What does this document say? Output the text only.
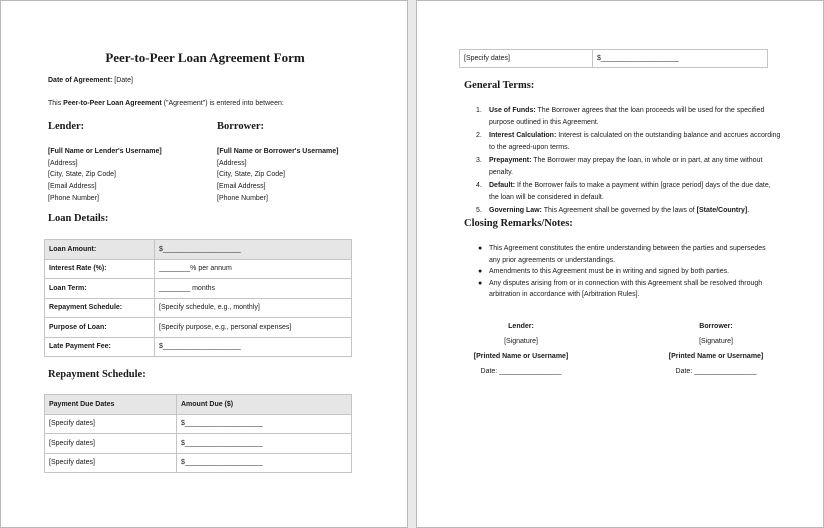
Peer-to-Peer Loan Agreement Form
Date of Agreement: [Date]
This Peer-to-Peer Loan Agreement ("Agreement") is entered into between:
Lender:
[Full Name or Lender's Username]
[Address]
[City, State, Zip Code]
[Email Address]
[Phone Number]
Borrower:
[Full Name or Borrower's Username]
[Address]
[City, State, Zip Code]
[Email Address]
[Phone Number]
Loan Details:
Loan Amount:	$____________________
Interest Rate (%):	________% per annum
Loan Term:	________ months
Repayment Schedule:	[Specify schedule, e.g., monthly]
Purpose of Loan:	[Specify purpose, e.g., personal expenses]
Late Payment Fee:	$____________________
Repayment Schedule:
Payment Due Dates	Amount Due ($)
[Specify dates]	$____________________
[Specify dates]	$____________________
[Specify dates]	$____________________
[Specify dates]	$____________________
General Terms:
1. Use of Funds: The Borrower agrees that the loan proceeds will be used for the specified purpose outlined in this Agreement.
2. Interest Calculation: Interest is calculated on the outstanding balance and accrues according to the agreed-upon terms.
3. Prepayment: The Borrower may prepay the loan, in whole or in part, at any time without penalty.
4. Default: If the Borrower fails to make a payment within [grace period] days of the due date, the loan will be considered in default.
5. Governing Law: This Agreement shall be governed by the laws of [State/Country].
Closing Remarks/Notes:
● This Agreement constitutes the entire understanding between the parties and supersedes any prior agreements or understandings.
● Amendments to this Agreement must be in writing and signed by both parties.
● Any disputes arising from or in connection with this Agreement shall be resolved through arbitration in accordance with [Arbitration Rules].
Lender:
[Signature]
[Printed Name or Username]
Date: ________________
Borrower:
[Signature]
[Printed Name or Username]
Date: ________________
